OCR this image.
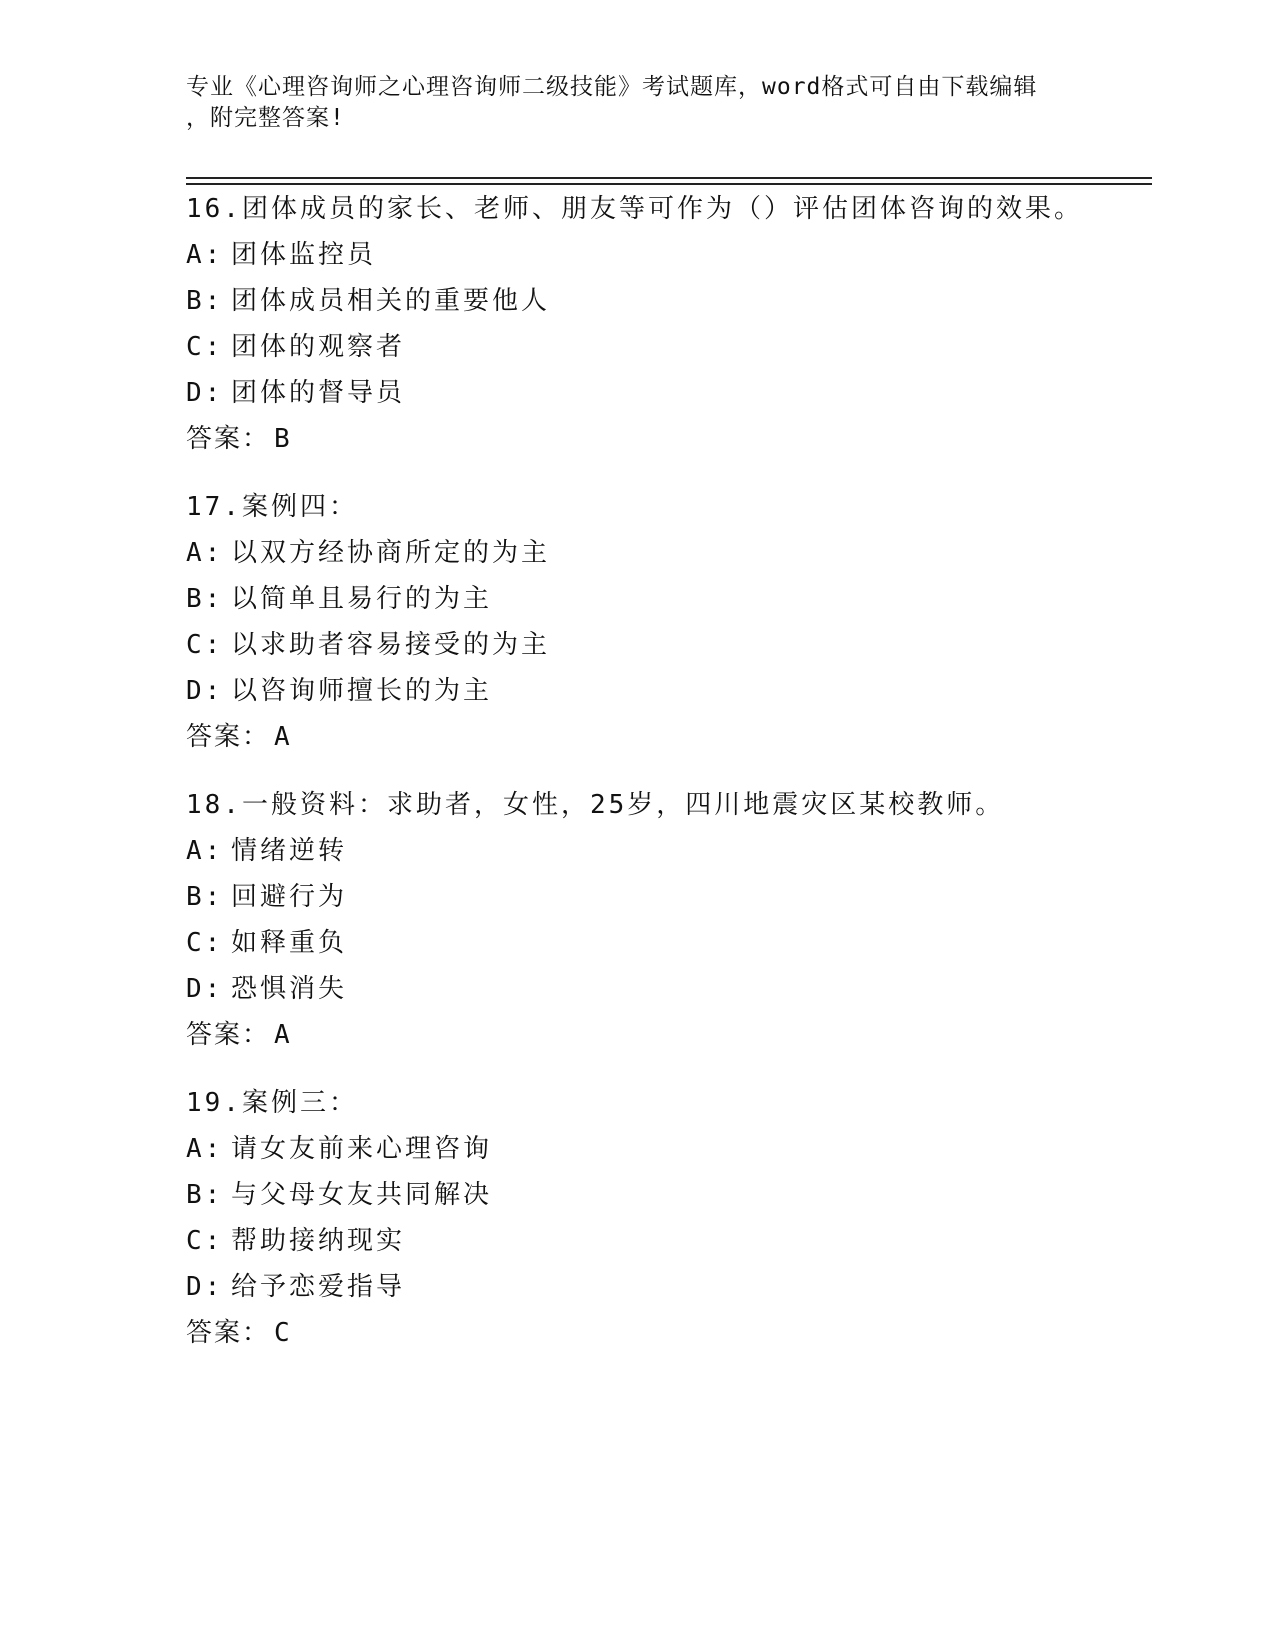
专业《心理咨询师之心理咨询师二级技能》考试题库，word格式可自由下载编辑
，附完整答案!
16.团体成员的家长、老师、朋友等可作为（）评估团体咨询的效果。
A: 团体监控员
B: 团体成员相关的重要他人
C: 团体的观察者
D: 团体的督导员
答案： B
17.案例四：
A: 以双方经协商所定的为主
B: 以简单且易行的为主
C: 以求助者容易接受的为主
D: 以咨询师擅长的为主
答案： A
18.一般资料：求助者，女性，25岁，四川地震灾区某校教师。
A: 情绪逆转
B: 回避行为
C: 如释重负
D: 恐惧消失
答案： A
19.案例三：
A: 请女友前来心理咨询
B: 与父母女友共同解决
C: 帮助接纳现实
D: 给予恋爱指导
答案： C
